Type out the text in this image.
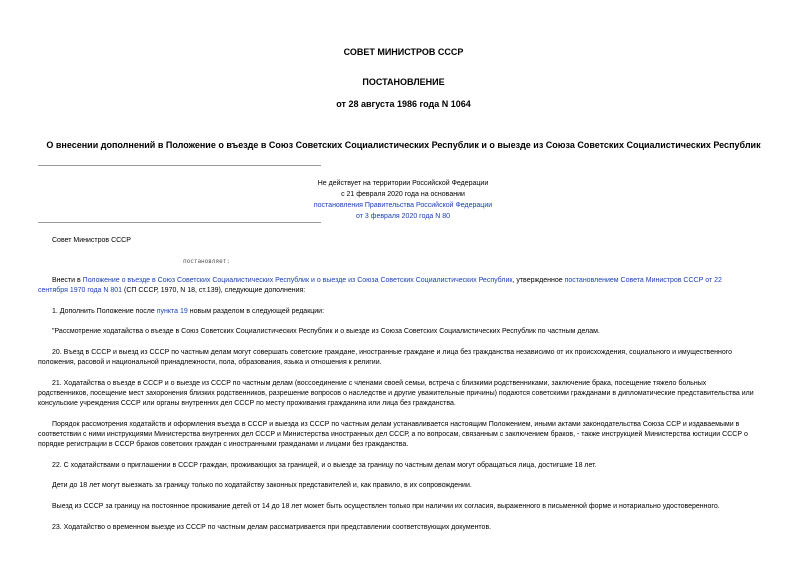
СОВЕТ МИНИСТРОВ СССР
ПОСТАНОВЛЕНИЕ
от 28 августа 1986 года N 1064
О внесении дополнений в Положение о въезде в Союз Советских Социалистических Республик и о выезде из Союза Советских Социалистических Республик
Не действует на территории Российской Федерации
с 21 февраля 2020 года на основании
постановления Правительства Российской Федерации
от 3 февраля 2020 года N 80
Совет Министров СССР
постановляет:
Внести в Положение о въезде в Союз Советских Социалистических Республик и о выезде из Союза Советских Социалистических Республик, утвержденное постановлением Совета Министров СССР от 22
сентября 1970 года N 801 (СП СССР, 1970, N 18, ст.139), следующие дополнения:
1. Дополнить Положение после пункта 19 новым разделом в следующей редакции:
"Рассмотрение ходатайства о въезде в Союз Советских Социалистических Республик и о выезде из Союза Советских Социалистических Республик по частным делам.
20. Въезд в СССР и выезд из СССР по частным делам могут совершать советские граждане, иностранные граждане и лица без гражданства независимо от их происхождения, социального и имущественного
положения, расовой и национальной принадлежности, пола, образования, языка и отношения к религии.
21. Ходатайства о въезде в СССР и о выезде из СССР по частным делам (воссоединение с членами своей семьи, встреча с близкими родственниками, заключение брака, посещение тяжело больных
родственников, посещение мест захоронения близких родственников, разрешение вопросов о наследстве и другие уважительные причины) подаются советскими гражданами в дипломатические представительства или
консульские учреждения СССР или органы внутренних дел СССР по месту проживания гражданина или лица без гражданства.
Порядок рассмотрения ходатайств и оформления въезда в СССР и выезда из СССР по частным делам устанавливается настоящим Положением, иными актами законодательства Союза ССР и издаваемыми в
соответствии с ними инструкциями Министерства внутренних дел СССР и Министерства иностранных дел СССР, а по вопросам, связанным с заключением браков, - также инструкцией Министерства юстиции СССР о
порядке регистрации в СССР браков советских граждан с иностранными гражданами и лицами без гражданства.
22. С ходатайствами о приглашении в СССР граждан, проживающих за границей, и о выезде за границу по частным делам могут обращаться лица, достигшие 18 лет.
Дети до 18 лет могут выезжать за границу только по ходатайству законных представителей и, как правило, в их сопровождении.
Выезд из СССР за границу на постоянное проживание детей от 14 до 18 лет может быть осуществлен только при наличии их согласия, выраженного в письменной форме и нотариально удостоверенного.
23. Ходатайство о временном выезде из СССР по частным делам рассматривается при представлении соответствующих документов.
